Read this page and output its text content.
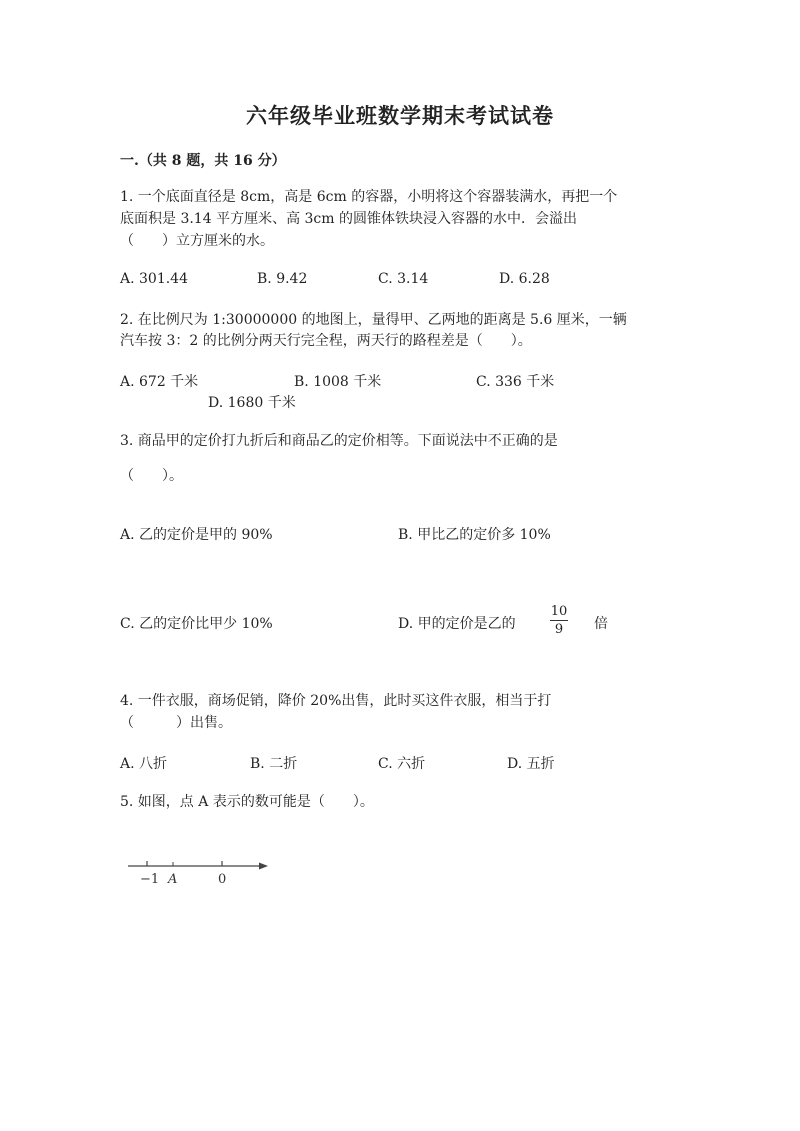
六年级毕业班数学期末考试试卷
一.（共 8 题，共 16 分）
1. 一个底面直径是 8cm，高是 6cm 的容器，小明将这个容器装满水，再把一个
底面积是 3.14 平方厘米、高 3cm 的圆锥体铁块浸入容器的水中．会溢出
（　　）立方厘米的水。
A. 301.44	B. 9.42	C. 3.14	D. 6.28
2. 在比例尺为 1:30000000 的地图上，量得甲、乙两地的距离是 5.6 厘米，一辆
汽车按 3：2 的比例分两天行完全程，两天行的路程差是（　　）。
A. 672 千米	B. 1008 千米	C. 336 千米
D. 1680 千米
3. 商品甲的定价打九折后和商品乙的定价相等。下面说法中不正确的是
（　　）。
A. 乙的定价是甲的 90%	B. 甲比乙的定价多 10%
C. 乙的定价比甲少 10%	D. 甲的定价是乙的
10
9 倍
4. 一件衣服，商场促销，降价 20%出售，此时买这件衣服，相当于打
（　　　）出售。
A. 八折	B. 二折	C. 六折	D. 五折
5. 如图，点 A 表示的数可能是（　　）。
−1 A	0
